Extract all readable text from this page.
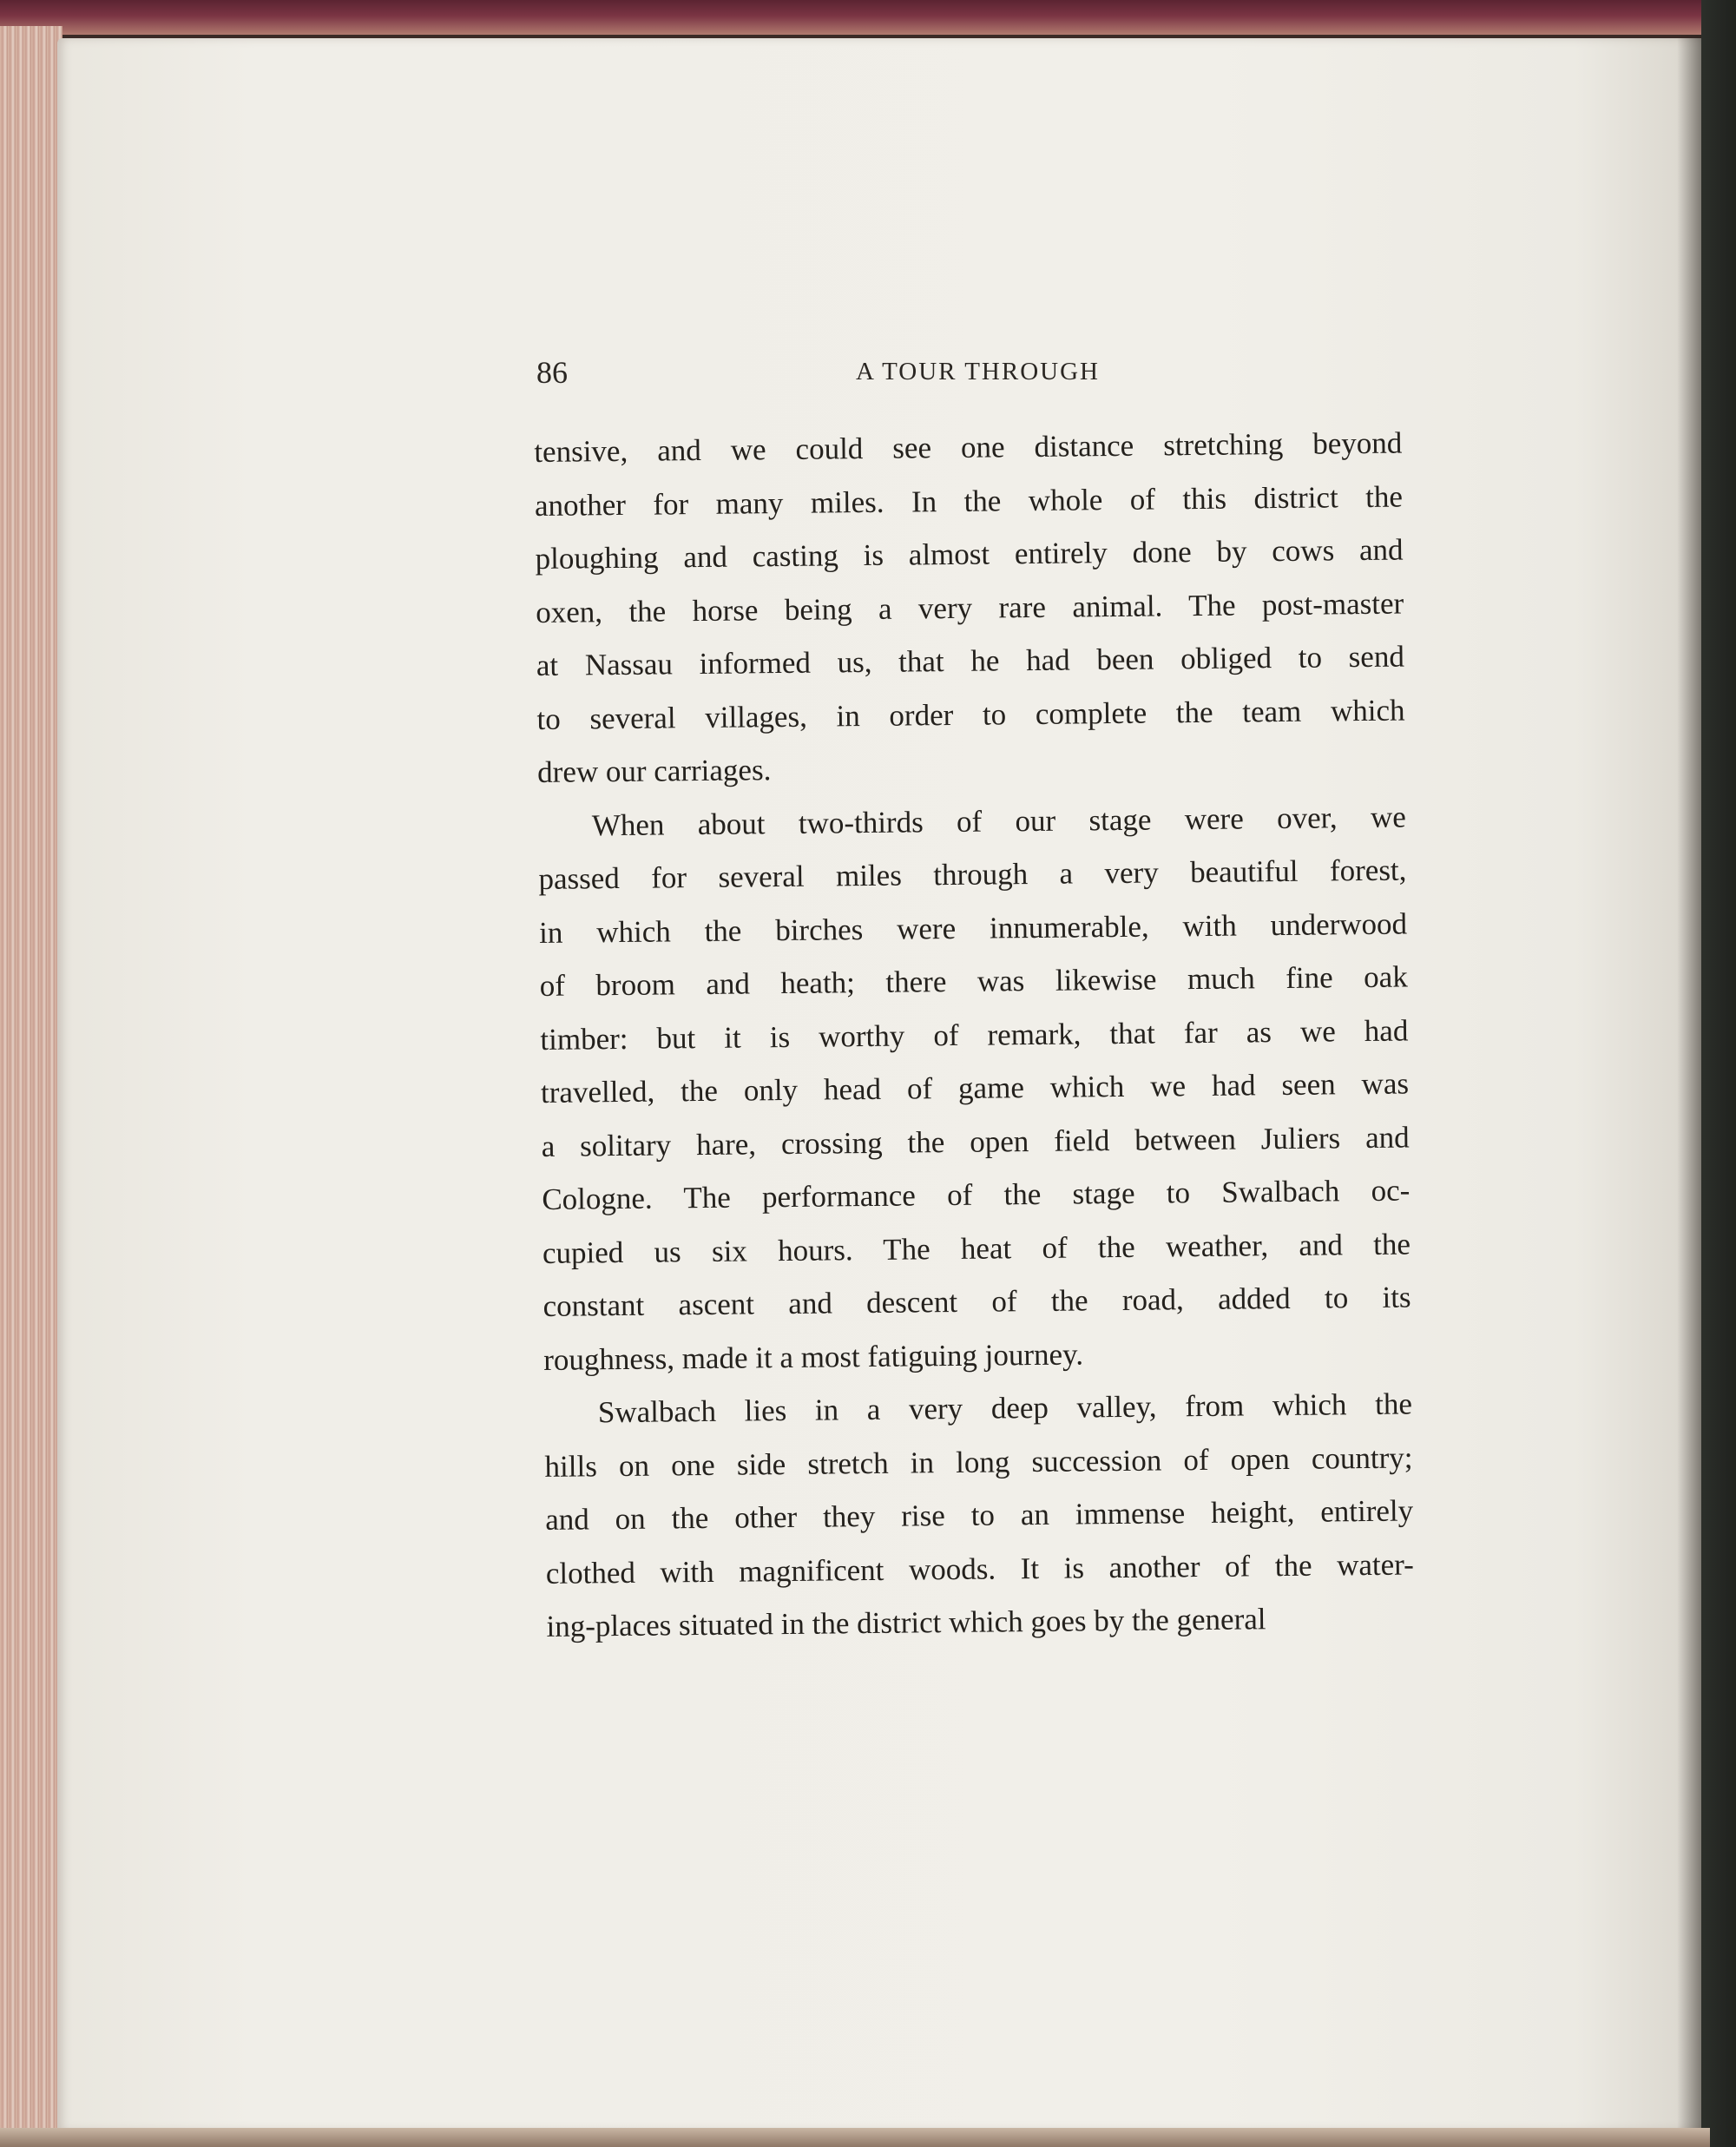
86	A TOUR THROUGH
tensive, and we could see one distance stretching beyond
another for many miles. In the whole of this district the
ploughing and casting is almost entirely done by cows and
oxen, the horse being a very rare animal. The post-master
at Nassau informed us, that he had been obliged to send
to several villages, in order to complete the team which
drew our carriages.
When about two-thirds of our stage were over, we
passed for several miles through a very beautiful forest,
in which the birches were innumerable, with underwood
of broom and heath; there was likewise much fine oak
timber: but it is worthy of remark, that far as we had
travelled, the only head of game which we had seen was
a solitary hare, crossing the open field between Juliers and
Cologne. The performance of the stage to Swalbach oc-
cupied us six hours. The heat of the weather, and the
constant ascent and descent of the road, added to its
roughness, made it a most fatiguing journey.
Swalbach lies in a very deep valley, from which the
hills on one side stretch in long succession of open country;
and on the other they rise to an immense height, entirely
clothed with magnificent woods. It is another of the water-
ing-places situated in the district which goes by the general
